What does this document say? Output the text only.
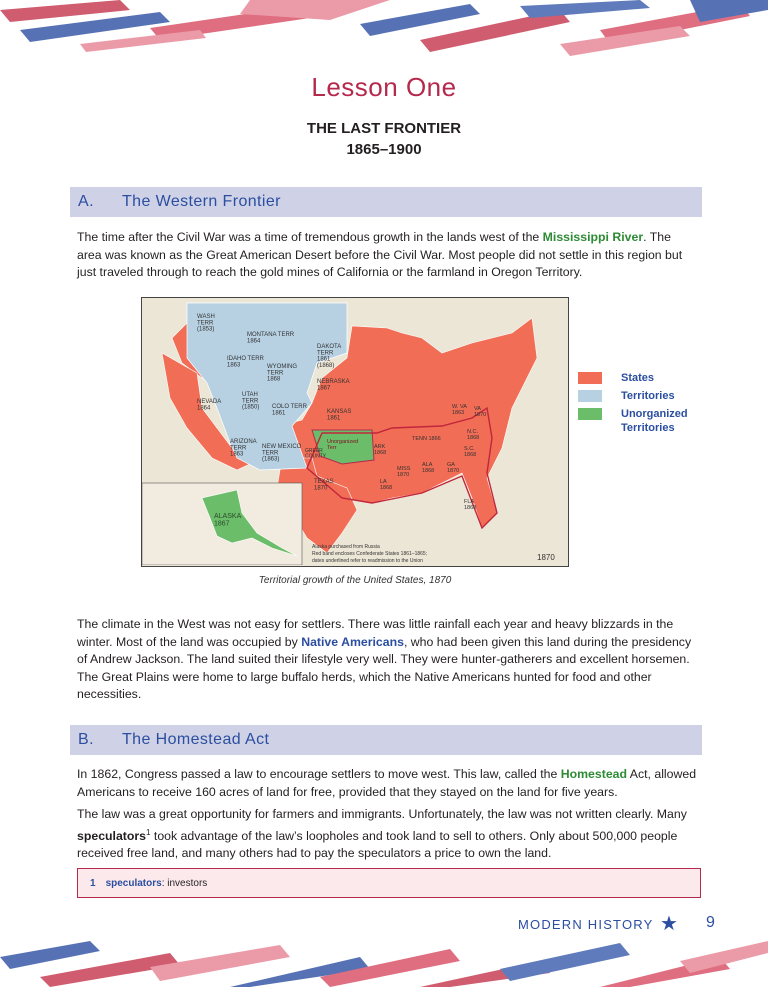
Lesson One
THE LAST FRONTIER
1865–1900
A.	The Western Frontier

The time after the Civil War was a time of tremendous growth in the lands west of the Mississippi River. The area was known as the Great American Desert before the Civil War. Most people did not settle in this region but just traveled through to reach the gold mines of California or the farmland in Oregon Territory.

WASH TERR (1853)
MONTANA TERR 1864
DAKOTA TERR 1861 (1868)
IDAHO TERR 1863	WYOMING TERR 1868
NEVADA 1864
UTAH TERR (1850) COLO TERR 1861
NEBRASKA 1867
KANSAS 1861
ARIZONA TERR 1863
NEW MEXICO TERR (1863)
Unorganized Terr
GREER COUNTY
TEXAS 1870
ARK 1868
TENN 1866
MISS 1870
ALA 1868
GA 1870
LA 1868
FLA 1868
W. VA 1863
VA 1870
N.C. 1868
S.C. 1868
ALASKA 1867
Alaska purchased from Russia
Red band encloses Confederate States 1861–1865;
dates underlined refer to readmission to the Union	1870
Territorial growth of the United States, 1870
States
Territories
Unorganized Territories

The climate in the West was not easy for settlers. There was little rainfall each year and heavy blizzards in the winter. Most of the land was occupied by Native Americans, who had been given this land during the presidency of Andrew Jackson. The land suited their lifestyle very well. They were hunter-gatherers and excellent horsemen. The Great Plains were home to large buffalo herds, which the Native Americans hunted for food and other necessities.

B.	The Homestead Act

In 1862, Congress passed a law to encourage settlers to move west. This law, called the Homestead Act, allowed Americans to receive 160 acres of land for free, provided that they stayed on the land for five years.

The law was a great opportunity for farmers and immigrants. Unfortunately, the law was not written clearly. Many speculators$^1$ took advantage of the law’s loopholes and took land to sell to others. Only about 500,000 people received free land, and many others had to pay the speculators a price to own the land.

1	speculators : investors
MODERN HISTORY ★ 9
